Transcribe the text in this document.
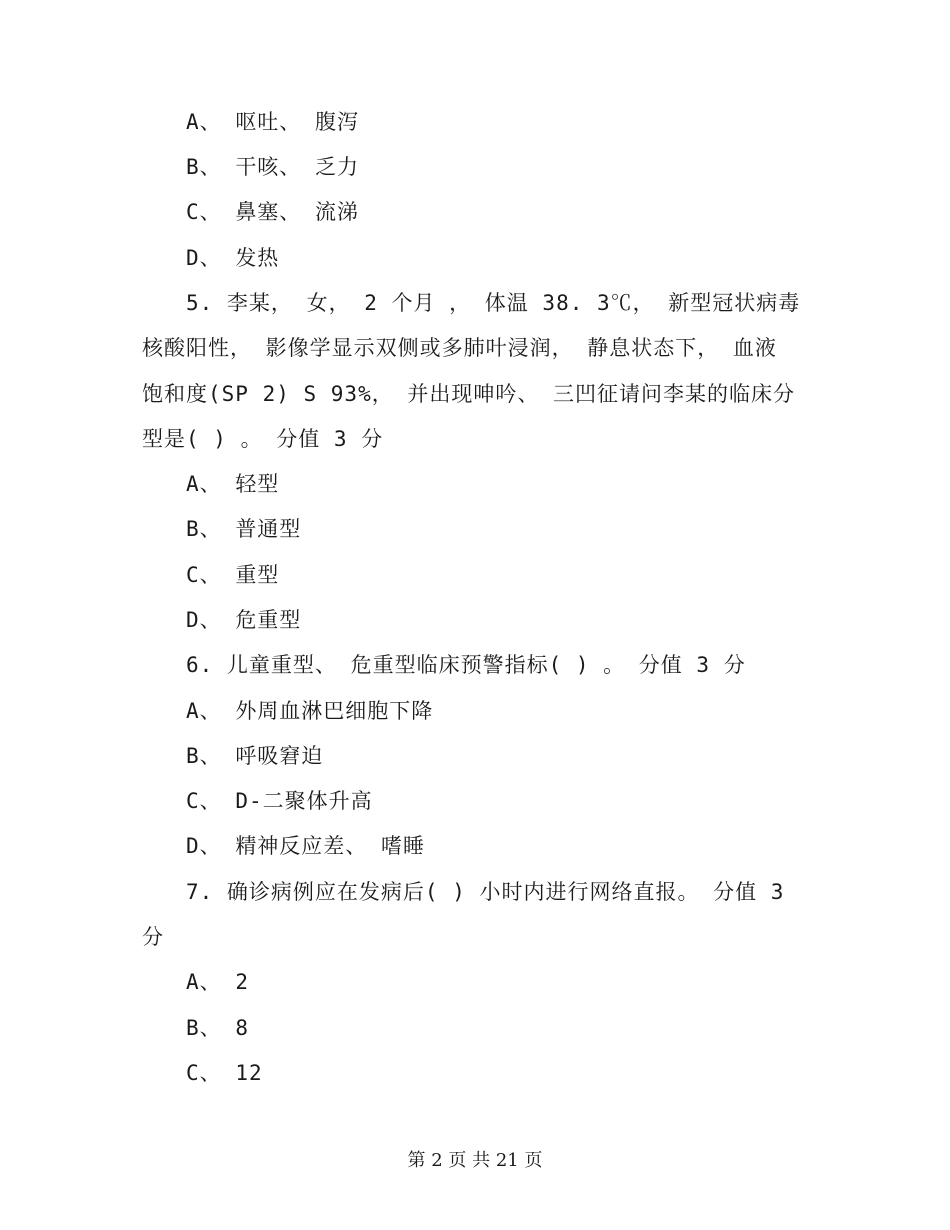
A、 呕吐、 腹泻
B、 干咳、 乏力
C、 鼻塞、 流涕
D、 发热
5. 李某， 女， 2 个月 ， 体温 38. 3℃， 新型冠状病毒
核酸阳性， 影像学显示双侧或多肺叶浸润， 静息状态下， 血液
饱和度(SP 2) S 93%， 并出现呻吟、 三凹征请问李某的临床分
型是( ) 。 分值 3 分
A、 轻型
B、 普通型
C、 重型
D、 危重型
6. 儿童重型、 危重型临床预警指标( ) 。 分值 3 分
A、 外周血淋巴细胞下降
B、 呼吸窘迫
C、 D-二聚体升高
D、 精神反应差、 嗜睡
7. 确诊病例应在发病后( ) 小时内进行网络直报。 分值 3
分
A、 2
B、 8
C、 12
第 2 页 共 21 页
